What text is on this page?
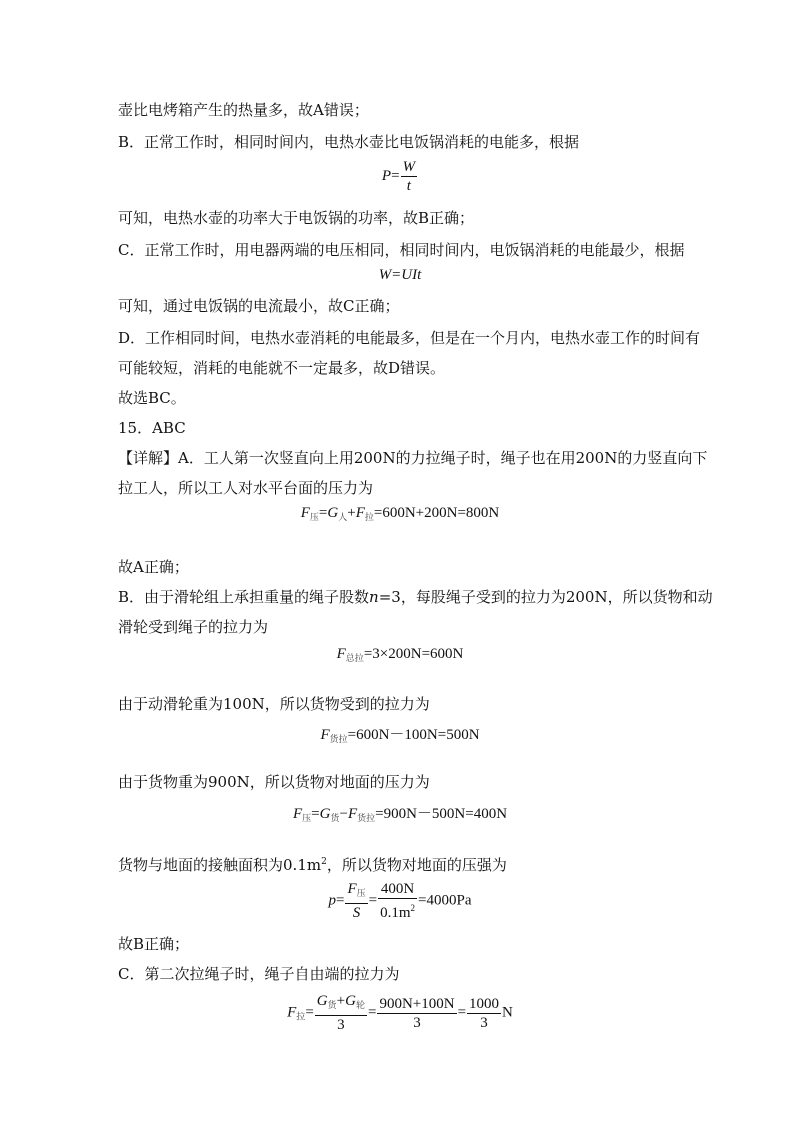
壶比电烤箱产生的热量多，故A错误；
B．正常工作时，相同时间内，电热水壶比电饭锅消耗的电能多，根据
$P= \frac{W}{t}$
可知，电热水壶的功率大于电饭锅的功率，故B正确；
C．正常工作时，用电器两端的电压相同，相同时间内，电饭锅消耗的电能最少，根据
W=UIt
可知，通过电饭锅的电流最小，故C正确；
D．工作相同时间，电热水壶消耗的电能最多，但是在一个月内，电热水壶工作的时间有
可能较短，消耗的电能就不一定最多，故D错误。
故选BC。
15．ABC
【详解】A．工人第一次竖直向上用200N的力拉绳子时，绳子也在用200N的力竖直向下
拉工人，所以工人对水平台面的压力为
$F_压=G_人+F_拉=600N+200N=800N$
故A正确；
B．由于滑轮组上承担重量的绳子股数n=3，每股绳子受到的拉力为200N，所以货物和动
滑轮受到绳子的拉力为
$F_{总拉}=3\times 200N=600N$
由于动滑轮重为100N，所以货物受到的拉力为
$F_{货拉}=600N-100N=500N$
由于货物重为900N，所以货物对地面的压力为
$F_压=G_货-F_{货拉}=900N-500N=400N$
货物与地面的接触面积为$0.1m^2$，所以货物对地面的压强为
$p= \frac{F_压}{S} = \frac{400N}{0.1m^2} =4000Pa$
故B正确；
C．第二次拉绳子时，绳子自由端的拉力为
$F_拉= \frac{G_货+G_轮}{3} = \frac{900N+100N}{3} = \frac{1000}{3}$ N
